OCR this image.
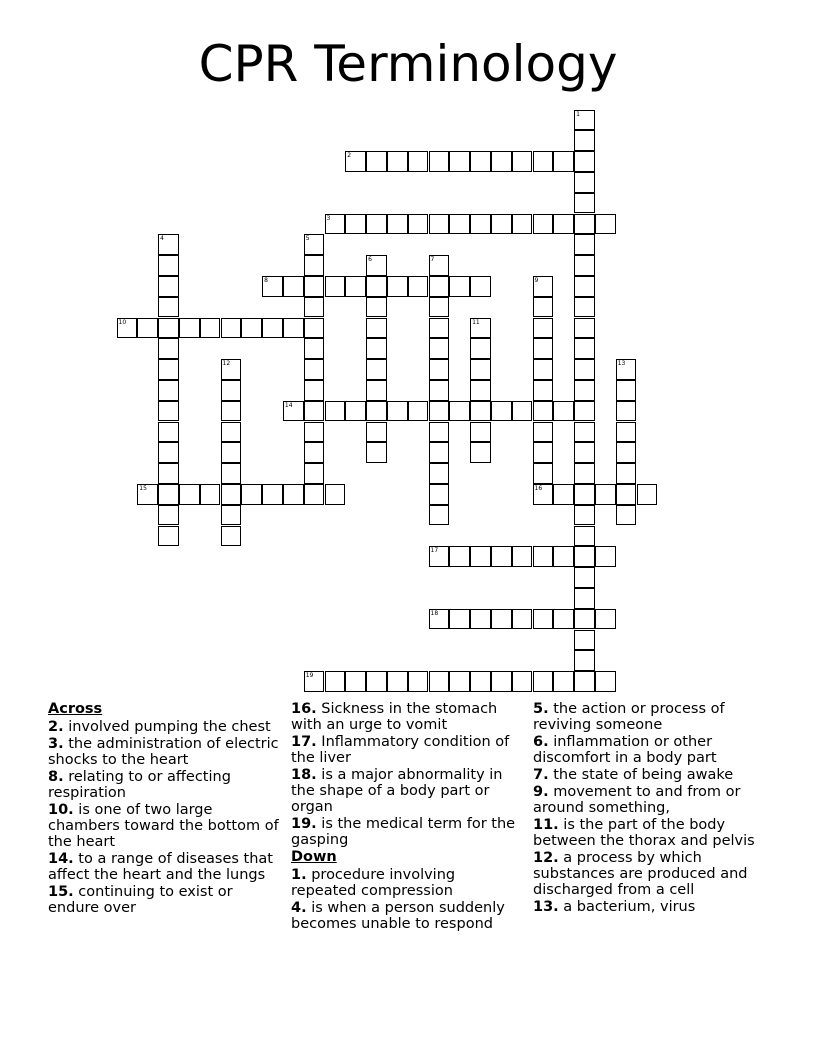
CPR Terminology
1
2
3
4	5
6	7
8	9
10	11
12	13
14
15	16
17
18
19
Across
2. involved pumping the chest
3. the administration of electric shocks to the heart
8. relating to or affecting respiration
10. is one of two large chambers toward the bottom of the heart
14. to a range of diseases that affect the heart and the lungs
15. continuing to exist or endure over
16. Sickness in the stomach with an urge to vomit
17. Inflammatory condition of the liver
18. is a major abnormality in the shape of a body part or organ
19. is the medical term for the gasping
Down
1. procedure involving repeated compression
4. is when a person suddenly becomes unable to respond
5. the action or process of reviving someone
6. inflammation or other discomfort in a body part
7. the state of being awake
9. movement to and from or around something,
11. is the part of the body between the thorax and pelvis
12. a process by which substances are produced and discharged from a cell
13. a bacterium, virus
